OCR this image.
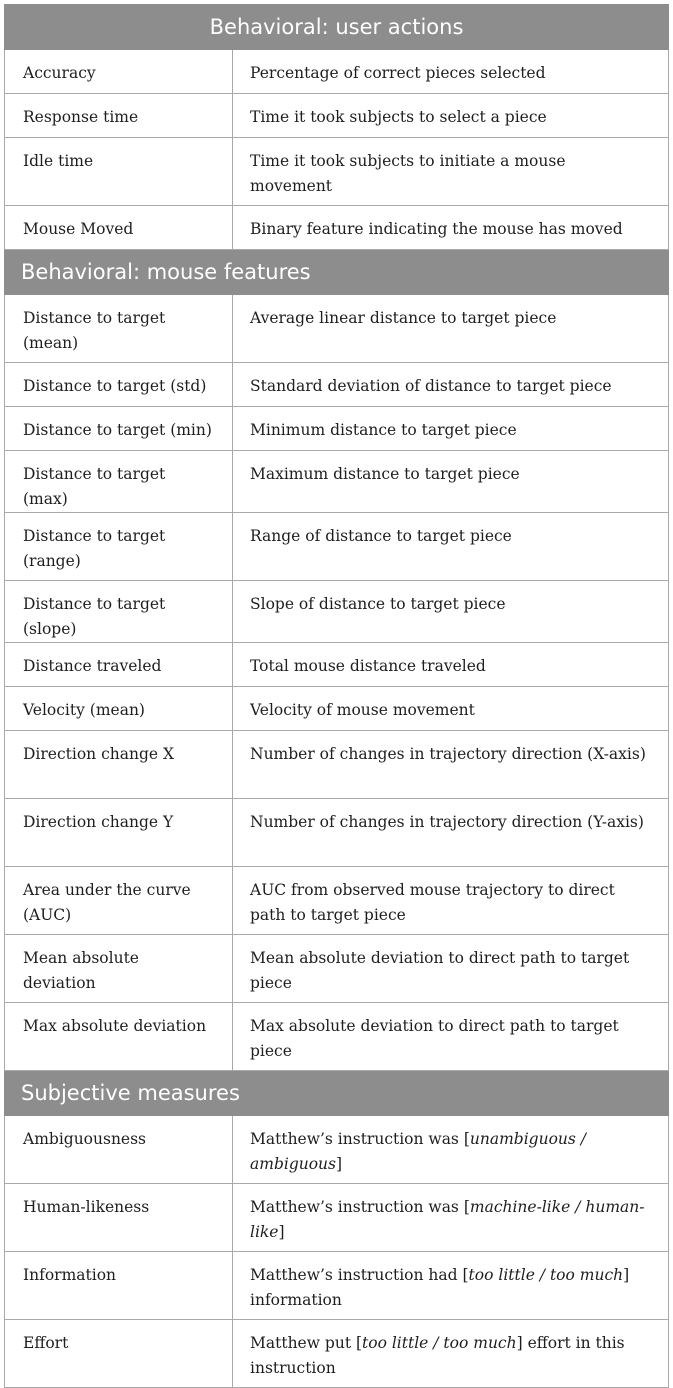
Behavioral: user actions	
Accuracy	Percentage of correct pieces selected
Response time	Time it took subjects to select a piece
Idle time	Time it took subjects to initiate a mouse movement
Mouse Moved	Binary feature indicating the mouse has moved
Behavioral: mouse features	
Distance to target (mean)	Average linear distance to target piece
Distance to target (std)	Standard deviation of distance to target piece
Distance to target (min)	Minimum distance to target piece
Distance to target (max)	Maximum distance to target piece
Distance to target (range)	Range of distance to target piece
Distance to target (slope)	Slope of distance to target piece
Distance traveled	Total mouse distance traveled
Velocity (mean)	Velocity of mouse movement
Direction change X	Number of changes in trajectory direction (X-axis)
Direction change Y	Number of changes in trajectory direction (Y-axis)
Area under the curve (AUC)	AUC from observed mouse trajectory to direct path to target piece
Mean absolute deviation	Mean absolute deviation to direct path to target piece
Max absolute deviation	Max absolute deviation to direct path to target piece
Subjective measures	
Ambiguousness	Matthew’s instruction was [unambiguous / ambiguous]
Human-likeness	Matthew’s instruction was [machine-like / human-like]
Information	Matthew’s instruction had [too little / too much] information
Effort	Matthew put [too little / too much] effort in this instruction
